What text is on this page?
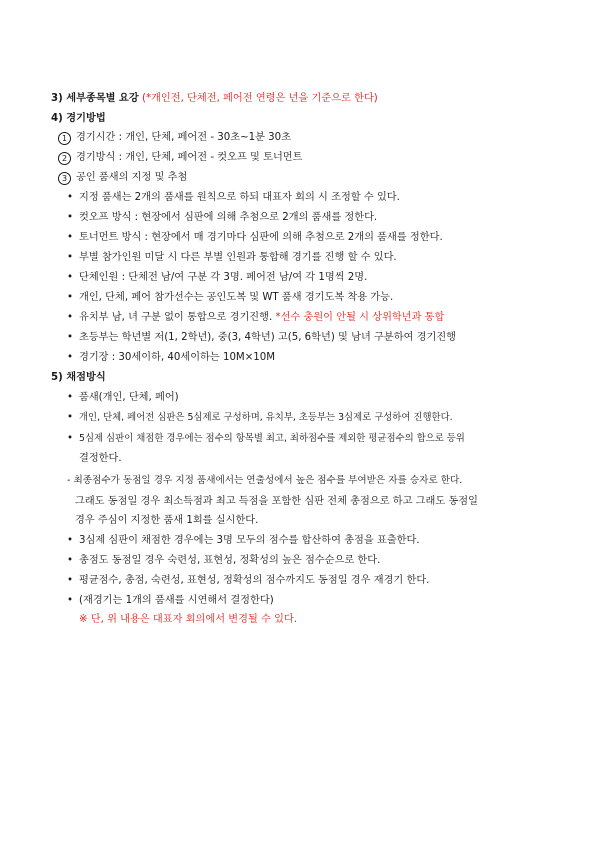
3) 세부종목별 요강 (*개인전, 단체전, 페어전 연령은 년을 기준으로 한다)
4) 경기방법
1 경기시간 : 개인, 단체, 페어전 - 30초~1분 30초
2 경기방식 : 개인, 단체, 페어전 - 컷오프 및 토너먼트
3 공인 품새의 지정 및 추첨
• 지정 품새는 2개의 품새를 원칙으로 하되 대표자 회의 시 조정할 수 있다.
• 컷오프 방식 : 현장에서 심판에 의해 추첨으로 2개의 품새를 정한다.
• 토너먼트 방식 : 현장에서 매 경기마다 심판에 의해 추첨으로 2개의 품새를 정한다.
• 부별 참가인원 미달 시 다른 부별 인원과 통합해 경기를 진행 할 수 있다.
• 단체인원 : 단체전 남/여 구분 각 3명. 페어전 남/여 각 1명씩 2명.
• 개인, 단체, 페어 참가선수는 공인도복 및 WT 품새 경기도복 착용 가능.
• 유치부 남, 녀 구분 없이 통합으로 경기진행. *선수 충원이 안될 시 상위학년과 통합
• 초등부는 학년별 저(1, 2학년), 중(3, 4학년) 고(5, 6학년) 및 남녀 구분하여 경기진행
• 경기장 : 30세이하, 40세이하는 10M×10M
5) 채점방식
• 품새(개인, 단체, 페어)
• 개인, 단체, 페어전 심판은 5심제로 구성하며, 유치부, 초등부는 3심제로 구성하여 진행한다.
• 5심제 심판이 채점한 경우에는 점수의 항목별 최고, 최하점수를 제외한 평균점수의 합으로 등위
결정한다.
- 최종점수가 동점일 경우 지정 품새에서는 연출성에서 높은 점수를 부여받은 자를 승자로 한다.
그래도 동점일 경우 최소득점과 최고 득점을 포함한 심판 전체 총점으로 하고 그래도 동점일
경우 주심이 지정한 품새 1회를 실시한다.
• 3심제 심판이 채점한 경우에는 3명 모두의 점수를 합산하여 총점을 표출한다.
• 총점도 동점일 경우 숙련성, 표현성, 정확성의 높은 점수순으로 한다.
• 평균점수, 총점, 숙련성, 표현성, 정확성의 점수까지도 동점일 경우 재경기 한다.
• (재경기는 1개의 품새를 시연해서 결정한다)
※ 단, 위 내용은 대표자 회의에서 변경될 수 있다.
